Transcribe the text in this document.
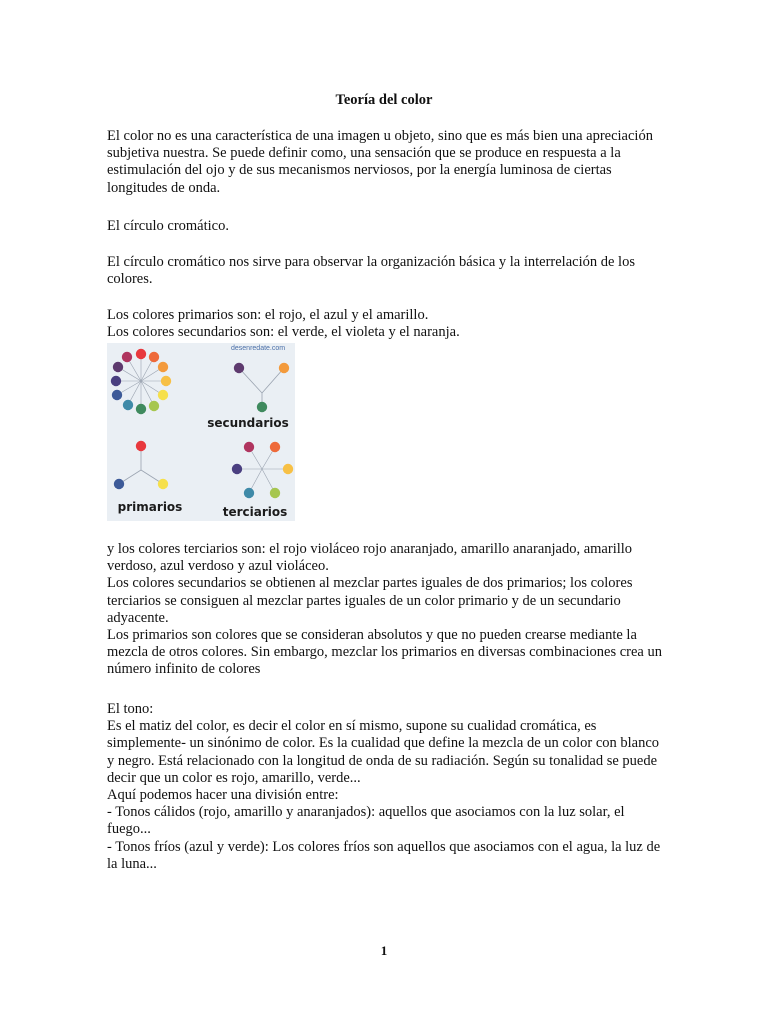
Teoría del color

El color no es una característica de una imagen u objeto, sino que es más bien una apreciación subjetiva nuestra. Se puede definir como, una sensación que se produce en respuesta a la estimulación del ojo y de sus mecanismos nerviosos, por la energía luminosa de ciertas longitudes de onda.

El círculo cromático.

El círculo cromático nos sirve para observar la organización básica y la interrelación de los colores.

Los colores primarios son: el rojo, el azul y el amarillo.

Los colores secundarios son: el verde, el violeta y el naranja.

desenredate.com
secundarios
primarios	terciarios

y los colores terciarios son: el rojo violáceo rojo anaranjado, amarillo anaranjado, amarillo verdoso, azul verdoso y azul violáceo.

Los colores secundarios se obtienen al mezclar partes iguales de dos primarios; los colores terciarios se consiguen al mezclar partes iguales de un color primario y de un secundario adyacente.

Los primarios son colores que se consideran absolutos y que no pueden crearse mediante la mezcla de otros colores. Sin embargo, mezclar los primarios en diversas combinaciones crea un número infinito de colores

El tono:

Es el matiz del color, es decir el color en sí mismo, supone su cualidad cromática, es simplemente- un sinónimo de color. Es la cualidad que define la mezcla de un color con blanco y negro. Está relacionado con la longitud de onda de su radiación. Según su tonalidad se puede decir que un color es rojo, amarillo, verde...

Aquí podemos hacer una división entre:

- Tonos cálidos (rojo, amarillo y anaranjados): aquellos que asociamos con la luz solar, el fuego...

- Tonos fríos (azul y verde): Los colores fríos son aquellos que asociamos con el agua, la luz de la luna...

1
